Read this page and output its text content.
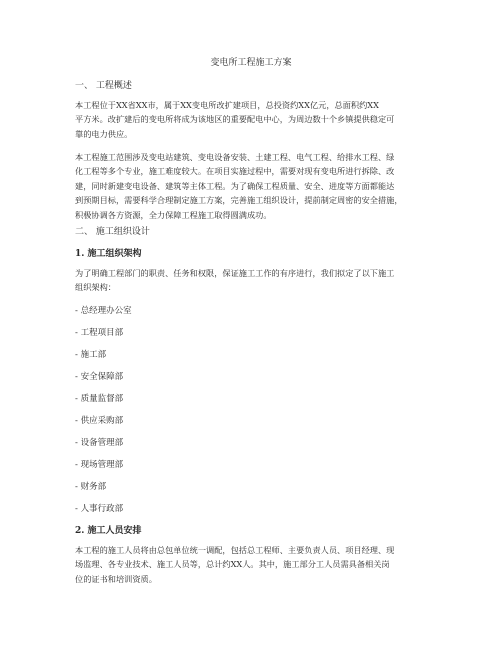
变电所工程施工方案
一、 工程概述
本工程位于XX省XX市，属于XX变电所改扩建项目，总投资约XX亿元，总面积约XX
平方米。改扩建后的变电所将成为该地区的重要配电中心，为周边数十个乡镇提供稳定可
靠的电力供应。
本工程施工范围涉及变电站建筑、变电设备安装、土建工程、电气工程、给排水工程、绿
化工程等多个专业，施工难度较大。在项目实施过程中，需要对现有变电所进行拆除、改
建，同时新建变电设备、建筑等主体工程。为了确保工程质量、安全、进度等方面都能达
到预期目标，需要科学合理制定施工方案，完善施工组织设计，提前制定周密的安全措施，
积极协调各方资源，全力保障工程施工取得圆满成功。
二、 施工组织设计
1. 施工组织架构
为了明确工程部门的职责、任务和权限，保证施工工作的有序进行，我们拟定了以下施工
组织架构：
- 总经理办公室
- 工程项目部
- 施工部
- 安全保障部
- 质量监督部
- 供应采购部
- 设备管理部
- 现场管理部
- 财务部
- 人事行政部
2. 施工人员安排
本工程的施工人员将由总包单位统一调配，包括总工程师、主要负责人员、项目经理、现
场监理、各专业技术、施工人员等，总计约XX人。其中，施工部分工人员需具备相关岗
位的证书和培训资质。
